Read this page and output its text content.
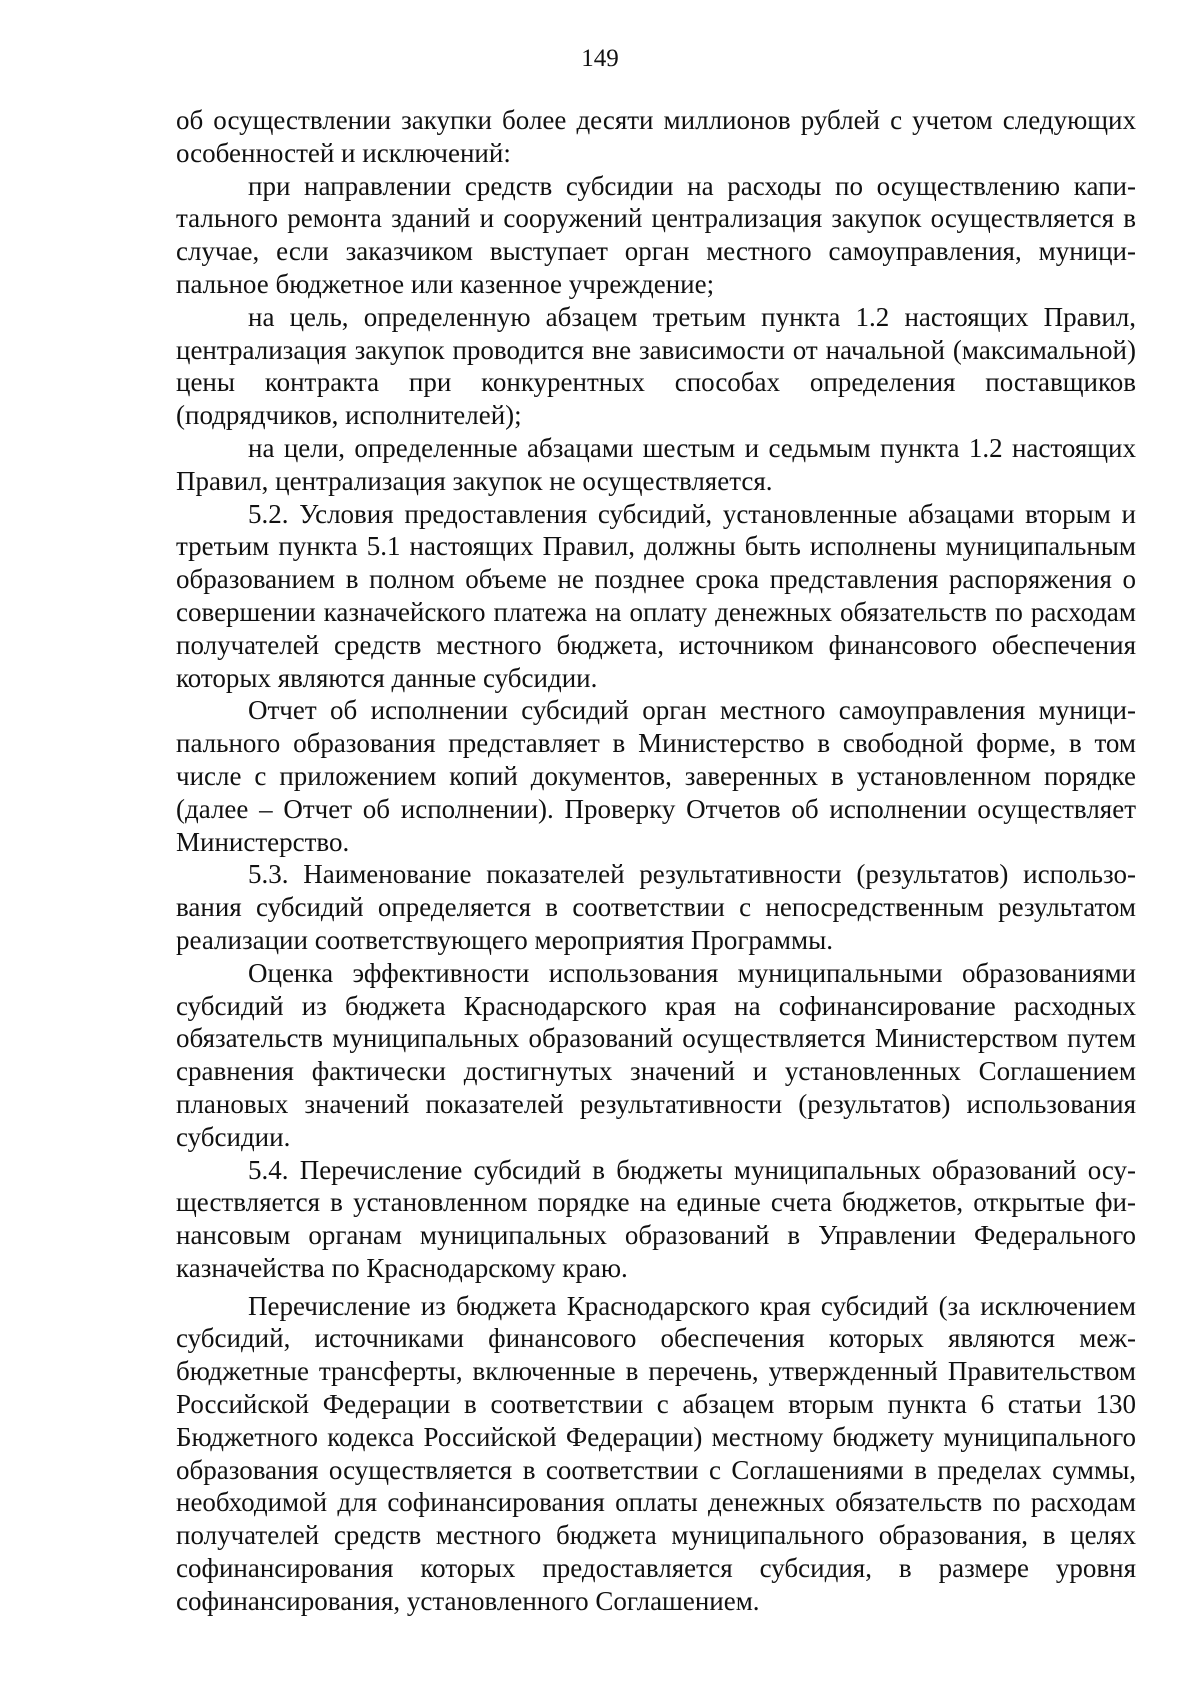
149

об осуществлении закупки более десяти миллионов рублей с учетом следующих особенностей и исключений:

при направлении средств субсидии на расходы по осуществлению капитального ремонта зданий и сооружений централизация закупок осуществляется в случае, если заказчиком выступает орган местного самоуправления, муниципальное бюджетное или казенное учреждение;

на цель, определенную абзацем третьим пункта 1.2 настоящих Правил, централизация закупок проводится вне зависимости от начальной (максимальной) цены контракта при конкурентных способах определения поставщиков (подрядчиков, исполнителей);

на цели, определенные абзацами шестым и седьмым пункта 1.2 настоящих Правил, централизация закупок не осуществляется.

5.2. Условия предоставления субсидий, установленные абзацами вторым и третьим пункта 5.1 настоящих Правил, должны быть исполнены муниципальным образованием в полном объеме не позднее срока представления распоряжения о совершении казначейского платежа на оплату денежных обязательств по расходам получателей средств местного бюджета, источником финансового обеспечения которых являются данные субсидии.

Отчет об исполнении субсидий орган местного самоуправления муниципального образования представляет в Министерство в свободной форме, в том числе с приложением копий документов, заверенных в установленном порядке (далее – Отчет об исполнении). Проверку Отчетов об исполнении осуществляет Министерство.

5.3. Наименование показателей результативности (результатов) использования субсидий определяется в соответствии с непосредственным результатом реализации соответствующего мероприятия Программы.

Оценка эффективности использования муниципальными образованиями субсидий из бюджета Краснодарского края на софинансирование расходных обязательств муниципальных образований осуществляется Министерством путем сравнения фактически достигнутых значений и установленных Соглашением плановых значений показателей результативности (результатов) использования субсидии.

5.4. Перечисление субсидий в бюджеты муниципальных образований осуществляется в установленном порядке на единые счета бюджетов, открытые финансовым органам муниципальных образований в Управлении Федерального казначейства по Краснодарскому краю.

Перечисление из бюджета Краснодарского края субсидий (за исключением субсидий, источниками финансового обеспечения которых являются межбюджетные трансферты, включенные в перечень, утвержденный Правительством Российской Федерации в соответствии с абзацем вторым пункта 6 статьи 130 Бюджетного кодекса Российской Федерации) местному бюджету муниципального образования осуществляется в соответствии с Соглашениями в пределах суммы, необходимой для софинансирования оплаты денежных обязательств по расходам получателей средств местного бюджета муниципального образования, в целях софинансирования которых предоставляется субсидия, в размере уровня софинансирования, установленного Соглашением.
